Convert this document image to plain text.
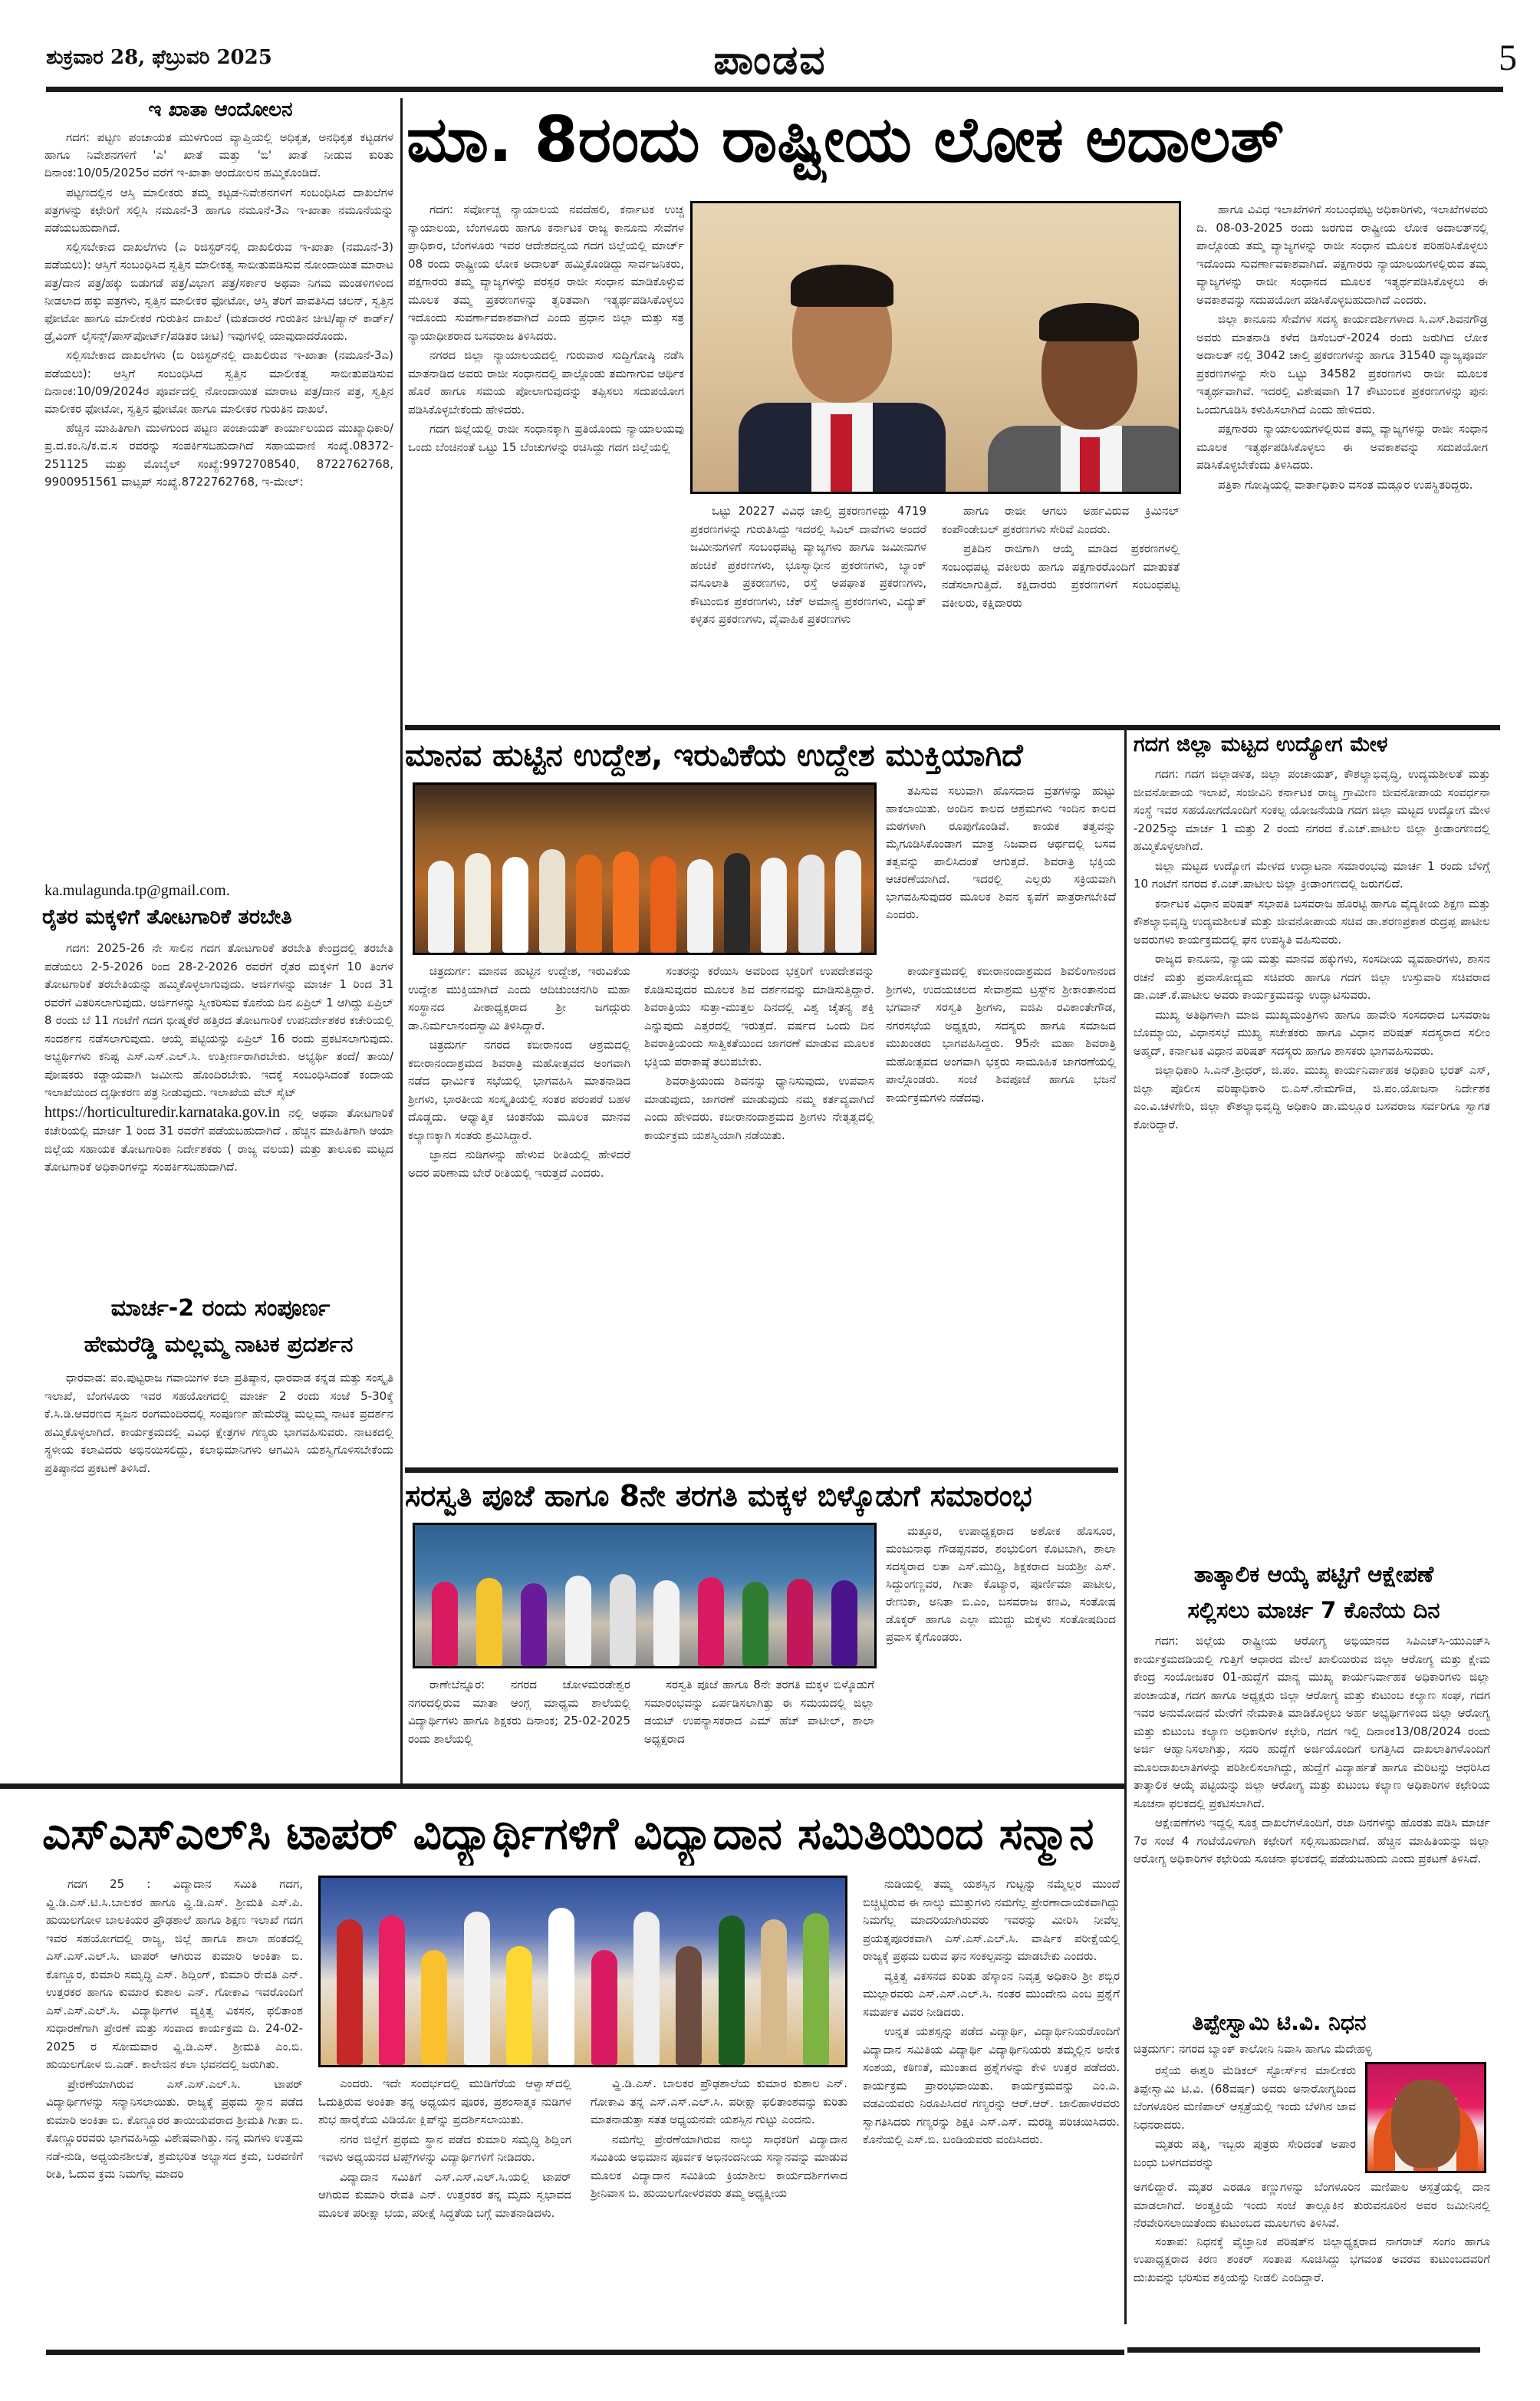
ಶುಕ್ರವಾರ 28, ಫೆಬ್ರುವರಿ 2025	ಪಾಂಡವ	5
ಇ ಖಾತಾ ಆಂದೋಲನ

ಗದಗ: ಪಟ್ಟಣ ಪಂಚಾಯತ ಮುಳಗುಂದ ವ್ಯಾಪ್ತಿಯಲ್ಲಿ ಅಧಿಕೃತ, ಅನಧಿಕೃತ ಕಟ್ಟಡಗಳ ಹಾಗೂ ನಿವೇಶನಗಳಿಗೆ 'ಎ' ಖಾತೆ ಮತ್ತು 'ಬಿ' ಖಾತೆ ನೀಡುವ ಕುರಿತು ದಿನಾಂಕ:10/05/2025ರ ವರೆಗೆ ಇ-ಖಾತಾ ಆಂದೋಲನ ಹಮ್ಮಿಕೊಂಡಿದೆ.

ಪಟ್ಟಣದಲ್ಲಿನ ಆಸ್ತಿ ಮಾಲೀಕರು ತಮ್ಮ ಕಟ್ಟಡ-ನಿವೇಶನಗಳಿಗೆ ಸಂಬಂಧಿಸಿದ ದಾಖಲೆಗಳ ಪತ್ರಗಳನ್ನು ಕಛೇರಿಗೆ ಸಲ್ಲಿಸಿ ನಮೂನೆ-3 ಹಾಗೂ ನಮೂನೆ-3ಎ ಇ-ಖಾತಾ ನಮೂನೆಯನ್ನು ಪಡೆಯಬಹುದಾಗಿದೆ.

ಸಲ್ಲಿಸಬೇಕಾದ ದಾಖಲೆಗಳು (ಎ ರಿಜಿಸ್ಟರ್‌ನಲ್ಲಿ ದಾಖಲಿರುವ ಇ-ಖಾತಾ (ನಮೂನೆ-3) ಪಡೆಯಲು): ಆಸ್ತಿಗೆ ಸಂಬಂಧಿಸಿದ ಸ್ವತ್ತಿನ ಮಾಲೀಕತ್ವ ಸಾಬೀತುಪಡಿಸುವ ನೋಂದಾಯಿತ ಮಾರಾಟ ಪತ್ರ/ದಾನ ಪತ್ರ/ಹಕ್ಕು ಬಿಡುಗಡೆ ಪತ್ರ/ವಿಭಾಗ ಪತ್ರ/ಸರ್ಕಾರ ಅಥವಾ ನಿಗಮ ಮಂಡಳಿಗಳಿಂದ ನೀಡಲಾದ ಹಕ್ಕು ಪತ್ರಗಳು, ಸ್ವತ್ತಿನ ಮಾಲೀಕರ ಫೋಟೋ, ಆಸ್ತಿ ತೆರಿಗೆ ಪಾವತಿಸಿದ ಚಲನ್, ಸ್ವತ್ತಿನ ಫೋಟೋ ಹಾಗೂ ಮಾಲೀಕರ ಗುರುತಿನ ದಾಖಲೆ (ಮತದಾರರ ಗುರುತಿನ ಚೀಟಿ/ಪ್ಯಾನ್ ಕಾರ್ಡ್/ಡ್ರೈವಿಂಗ್ ಲೈಸನ್ಸ್/ಪಾಸ್‌ಪೋರ್ಟ್/ಪಡಿತರ ಚೀಟಿ) ಇವುಗಳಲ್ಲಿ ಯಾವುದಾದರೊಂದು.

ಸಲ್ಲಿಸಬೇಕಾದ ದಾಖಲೆಗಳು (ಬಿ ರಿಜಿಸ್ಟರ್‌ನಲ್ಲಿ ದಾಖಲಿರುವ ಇ-ಖಾತಾ (ನಮೂನೆ-3ಎ) ಪಡೆಯಲು): ಆಸ್ತಿಗೆ ಸಂಬಂಧಿಸಿದ ಸ್ವತ್ತಿನ ಮಾಲೀಕತ್ವ ಸಾಬೀತುಪಡಿಸುವ ದಿನಾಂಕ:10/09/2024ರ ಪೂರ್ವದಲ್ಲಿ ನೋಂದಾಯಿತ ಮಾರಾಟ ಪತ್ರ/ದಾನ ಪತ್ರ, ಸ್ವತ್ತಿನ ಮಾಲೀಕರ ಫೋಟೋ, ಸ್ವತ್ತಿನ ಫೋಟೋ ಹಾಗೂ ಮಾಲೀಕರ ಗುರುತಿನ ದಾಖಲೆ.

ಹೆಚ್ಚಿನ ಮಾಹಿತಿಗಾಗಿ ಮುಳಗುಂದ ಪಟ್ಟಣ ಪಂಚಾಯತ್ ಕಾರ್ಯಾಲಯದ ಮುಖ್ಯಾಧಿಕಾರಿ/ಪ್ರ.ದ.ಕಂ.ನಿ/ಕ.ವ.ಸ ರವರನ್ನು ಸಂಪರ್ಕಿಸಬಹುದಾಗಿದೆ ಸಹಾಯವಾಣಿ ಸಂಖ್ಯೆ.08372-251125 ಮತ್ತು ಮೊಬೈಲ್ ಸಂಖ್ಯೆ:9972708540, 8722762768, 9900951561 ವಾಟ್ಸಪ್ ಸಂಖ್ಯೆ.8722762768, ಇ-ಮೇಲ್:

ka.mulagunda.tp@gmail.com.
ರೈತರ ಮಕ್ಕಳಿಗೆ ತೋಟಗಾರಿಕೆ ತರಬೇತಿ

ಗದಗ: 2025-26 ನೇ ಸಾಲಿನ ಗದಗ ತೋಟಗಾರಿಕೆ ತರಬೇತಿ ಕೇಂದ್ರದಲ್ಲಿ ತರಬೇತಿ ಪಡೆಯಲು 2-5-2026 ರಿಂದ 28-2-2026 ರವರೆಗೆ ರೈತರ ಮಕ್ಕಳಿಗೆ 10 ತಿಂಗಳ ತೋಟಗಾರಿಕೆ ತರಬೇತಿಯನ್ನು ಹಮ್ಮಿಕೊಳ್ಳಲಾಗುವುದು. ಅರ್ಜಿಗಳನ್ನು ಮಾರ್ಚ 1 ರಿಂದ 31 ರವರೆಗೆ ವಿತರಿಸಲಾಗುವುದು. ಅರ್ಜಿಗಳನ್ನು ಸ್ವೀಕರಿಸುವ ಕೊನೆಯ ದಿನ ಏಪ್ರಿಲ್ 1 ಆಗಿದ್ದು ಏಪ್ರಿಲ್ 8 ರಂದು ಬೆ 11 ಗಂಟೆಗೆ ಗದಗ ಭೀಷ್ಮಕೆರೆ ಹತ್ತಿರದ ತೋಟಗಾರಿಕೆ ಉಪನಿರ್ದೇಶಕರ ಕಚೇರಿಯಲ್ಲಿ ಸಂದರ್ಶನ ನಡೆಸಲಾಗುವುದು. ಆಯ್ಕೆ ಪಟ್ಟಿಯನ್ನು ಏಪ್ರಿಲ್ 16 ರಂದು ಪ್ರಕಟಿಸಲಾಗುವುದು. ಅಭ್ಯರ್ಥಿಗಳು ಕನಿಷ್ಟ ಎಸ್.ಎಸ್.ಎಲ್.ಸಿ. ಉತ್ತೀರ್ಣರಾಗಿರಬೇಕು. ಅಭ್ಯರ್ಥಿ ತಂದೆ/ ತಾಯಿ/ ಪೋಷಕರು ಕಡ್ಡಾಯವಾಗಿ ಜಮೀನು ಹೊಂದಿರಬೇಕು. ಇದಕ್ಕೆ ಸಂಬಂಧಿಸಿದಂತೆ ಕಂದಾಯ ಇಲಾಖೆಯಿಂದ ದೃಢೀಕರಣ ಪತ್ರ ನೀಡುವುದು. ಇಲಾಖೆಯ ವೆಬ್ ಸೈಟ್

https://horticulturedir.karnataka.gov.in ನಲ್ಲಿ ಅಥವಾ ತೋಟಗಾರಿಕೆ ಕಚೇರಿಯಲ್ಲಿ ಮಾರ್ಚ 1 ರಿಂದ 31 ರವರೆಗೆ ಪಡೆಯಬಹುದಾಗಿದೆ . ಹೆಚ್ಚಿನ ಮಾಹಿತಿಗಾಗಿ ಆಯಾ ಜಿಲ್ಲೆಯ ಸಹಾಯಕ ತೋಟಗಾರಿಕಾ ನಿರ್ದೇಶಕರು ( ರಾಜ್ಯ ವಲಯ) ಮತ್ತು ತಾಲೂಕು ಮಟ್ಟದ ತೋಟಗಾರಿಕೆ ಅಧಿಕಾರಿಗಳನ್ನು ಸಂಪರ್ಕಿಸಬಹುದಾಗಿದೆ.
ಮಾರ್ಚ-2 ರಂದು ಸಂಪೂರ್ಣ
ಹೇಮರೆಡ್ಡಿ ಮಲ್ಲಮ್ಮ ನಾಟಕ ಪ್ರದರ್ಶನ

ಧಾರವಾಡ: ಪಂ.ಪುಟ್ಟರಾಜ ಗವಾಯಿಗಳ ಕಲಾ ಪ್ರತಿಷ್ಠಾನ, ಧಾರವಾಡ ಕನ್ನಡ ಮತ್ತು ಸಂಸ್ಕೃತಿ ಇಲಾಖೆ, ಬೆಂಗಳೂರು ಇವರ ಸಹಯೋಗದಲ್ಲಿ ಮಾರ್ಚ 2 ರಂದು ಸಂಜೆ 5-30ಕ್ಕೆ ಕೆ.ಸಿ.ಡಿ.ಆವರಣದ ಸೃಜನ ರಂಗಮಂದಿರದಲ್ಲಿ ಸಂಪೂರ್ಣ ಹೇಮರೆಡ್ಡಿ ಮಲ್ಲಮ್ಮ ನಾಟಕ ಪ್ರದರ್ಶನ ಹಮ್ಮಿಕೊಳ್ಳಲಾಗಿದೆ. ಕಾರ್ಯಕ್ರಮದಲ್ಲಿ ವಿವಿಧ ಕ್ಷೇತ್ರಗಳ ಗಣ್ಯರು ಭಾಗವಹಿಸುವರು. ನಾಟಕದಲ್ಲಿ ಸ್ಥಳೀಯ ಕಲಾವಿದರು ಅಭಿನಯಿಸಲಿದ್ದು, ಕಲಾಭಿಮಾನಿಗಳು ಆಗಮಿಸಿ ಯಶಸ್ವಿಗೊಳಿಸಬೇಕೆಂದು ಪ್ರತಿಷ್ಠಾನದ ಪ್ರಕಟಣೆ ತಿಳಿಸಿದೆ.

ಮಾ. 8ರಂದು ರಾಷ್ಟ್ರೀಯ ಲೋಕ ಅದಾಲತ್

ಗದಗ: ಸರ್ವೋಚ್ಚ ನ್ಯಾಯಾಲಯ ನವದೆಹಲಿ, ಕರ್ನಾಟಕ ಉಚ್ಚ ನ್ಯಾಯಾಲಯ, ಬೆಂಗಳೂರು ಹಾಗೂ ಕರ್ನಾಟಕ ರಾಜ್ಯ ಕಾನೂನು ಸೇವೆಗಳ ಪ್ರಾಧಿಕಾರ, ಬೆಂಗಳೂರು ಇವರ ಆದೇಶದನ್ವಯ ಗದಗ ಜಿಲ್ಲೆಯಲ್ಲಿ ಮಾರ್ಚ್ 08 ರಂದು ರಾಷ್ಟ್ರೀಯ ಲೋಕ ಅದಾಲತ್ ಹಮ್ಮಿಕೊಂಡಿದ್ದು ಸಾರ್ವಜನಿಕರು, ಪಕ್ಷಗಾರರು ತಮ್ಮ ವ್ಯಾಜ್ಯಗಳನ್ನು ಪರಸ್ಪರ ರಾಜೀ ಸಂಧಾನ ಮಾಡಿಕೊಳ್ಳುವ ಮೂಲಕ ತಮ್ಮ ಪ್ರಕರಣಗಳನ್ನು ತ್ವರಿತವಾಗಿ ಇತ್ಯರ್ಥಪಡಿಸಿಕೊಳ್ಳಲು ಇದೊಂದು ಸುವರ್ಣಾವಕಾಶವಾಗಿದೆ ಎಂದು ಪ್ರಧಾನ ಜಿಲ್ಲಾ ಮತ್ತು ಸತ್ರ ನ್ಯಾಯಾಧೀಶರಾದ ಬಸವರಾಜ ತಿಳಿಸಿದರು.

ನಗರದ ಜಿಲ್ಲಾ ನ್ಯಾಯಾಲಯದಲ್ಲಿ ಗುರುವಾರ ಸುದ್ದಿಗೋಷ್ಠಿ ನಡೆಸಿ ಮಾತನಾಡಿದ ಅವರು ರಾಜೀ ಸಂಧಾನದಲ್ಲಿ ಪಾಲ್ಗೊಂಡು ತಮಗಾಗುವ ಆರ್ಥಿಕ ಹೊರೆ ಹಾಗೂ ಸಮಯ ಪೋಲಾಗುವುದನ್ನು ತಪ್ಪಿಸಲು ಸದುಪಯೋಗ ಪಡಿಸಿಕೊಳ್ಳಬೇಕೆಂದು ಹೇಳಿದರು.

ಗದಗ ಜಿಲ್ಲೆಯಲ್ಲಿ ರಾಜೀ ಸಂಧಾನಕ್ಕಾಗಿ ಪ್ರತಿಯೊಂದು ನ್ಯಾಯಾಲಯವು ಒಂದು ಬೆಂಚಿನಂತೆ ಒಟ್ಟು 15 ಬೆಂಚುಗಳನ್ನು ರಚಿಸಿದ್ದು ಗದಗ ಜಿಲ್ಲೆಯಲ್ಲಿ

ಒಟ್ಟು 20227 ವಿವಿಧ ಚಾಲ್ತಿ ಪ್ರಕರಣಗಳಿದ್ದು 4719 ಪ್ರಕರಣಗಳನ್ನು ಗುರುತಿಸಿದ್ದು ಇದರಲ್ಲಿ ಸಿವಿಲ್ ದಾವೆಗಳು ಅಂದರೆ ಜಮೀನುಗಳಿಗೆ ಸಂಬಂಧಪಟ್ಟ ವ್ಯಾಜ್ಯಗಳು ಹಾಗೂ ಜಮೀನುಗಳ ಹಂಚಿಕೆ ಪ್ರಕರಣಗಳು, ಭೂಸ್ವಾಧೀನ ಪ್ರಕರಣಗಳು, ಬ್ಯಾಂಕ್ ವಸೂಲಾತಿ ಪ್ರಕರಣಗಳು, ರಸ್ತೆ ಅಪಘಾತ ಪ್ರಕರಣಗಳು, ಕೌಟುಂಬಿಕ ಪ್ರಕರಣಗಳು, ಚೆಕ್ ಅಮಾನ್ಯ ಪ್ರಕರಣಗಳು, ವಿದ್ಯುತ್ ಕಳ್ಳತನ ಪ್ರಕರಣಗಳು, ವೈವಾಹಿಕ ಪ್ರಕರಣಗಳು

ಹಾಗೂ ರಾಜೀ ಆಗಲು ಅರ್ಹವಿರುವ ಕ್ರಿಮಿನಲ್ ಕಂಪೌಂಡೇಬಲ್ ಪ್ರಕರಣಗಳು ಸೇರಿವೆ ಎಂದರು.

ಪ್ರತಿದಿನ ರಾಜಿಗಾಗಿ ಆಯ್ಕೆ ಮಾಡಿದ ಪ್ರಕರಣಗಳಲ್ಲಿ ಸಂಬಂಧಪಟ್ಟ ವಕೀಲರು ಹಾಗೂ ಪಕ್ಷಗಾರರೊಂದಿಗೆ ಮಾತುಕತೆ ನಡೆಸಲಾಗುತ್ತಿದೆ. ಕಕ್ಷಿದಾರರು ಪ್ರಕರಣಗಳಿಗೆ ಸಂಬಂಧಪಟ್ಟ ವಕೀಲರು, ಕಕ್ಷಿದಾರರು

ಹಾಗೂ ವಿವಿಧ ಇಲಾಖೆಗಳಿಗೆ ಸಂಬಂಧಪಟ್ಟ ಅಧಿಕಾರಿಗಳು, ಇಲಾಖೆಗಳವರು ದಿ. 08-03-2025 ರಂದು ಜರಗುವ ರಾಷ್ಟ್ರೀಯ ಲೋಕ ಅದಾಲತ್‌ನಲ್ಲಿ ಪಾಲ್ಗೊಂಡು ತಮ್ಮ ವ್ಯಾಜ್ಯಗಳನ್ನು ರಾಜೀ ಸಂಧಾನ ಮೂಲಕ ಪರಿಹರಿಸಿಕೊಳ್ಳಲು ಇದೊಂದು ಸುವರ್ಣಾವಕಾಶವಾಗಿದೆ. ಪಕ್ಷಗಾರರು ನ್ಯಾಯಾಲಯಗಳಲ್ಲಿರುವ ತಮ್ಮ ವ್ಯಾಜ್ಯಗಳನ್ನು ರಾಜೀ ಸಂಧಾನದ ಮೂಲಕ ಇತ್ಯರ್ಥಪಡಿಸಿಕೊಳ್ಳಲು ಈ ಅವಕಾಶವನ್ನು ಸದುಪಯೋಗ ಪಡಿಸಿಕೊಳ್ಳಬಹುದಾಗಿದೆ ಎಂದರು.

ಜಿಲ್ಲಾ ಕಾನೂನು ಸೇವೆಗಳ ಸದಸ್ಯ ಕಾರ್ಯದರ್ಶಿಗಳಾದ ಸಿ.ಎಸ್.ಶಿವನಗೌಡ್ರ ಅವರು ಮಾತನಾಡಿ ಕಳೆದ ಡಿಸೆಂಬರ್-2024 ರಂದು ಜರುಗಿದ ಲೋಕ ಅದಾಲತ್ ನಲ್ಲಿ 3042 ಚಾಲ್ತಿ ಪ್ರಕರಣಗಳನ್ನು ಹಾಗೂ 31540 ವ್ಯಾಜ್ಯಪೂರ್ವ ಪ್ರಕರಣಗಳನ್ನು ಸೇರಿ ಒಟ್ಟು 34582 ಪ್ರಕರಣಗಳು ರಾಜೀ ಮೂಲಕ ಇತ್ಯರ್ಥವಾಗಿವೆ. ಇದರಲ್ಲಿ ವಿಶೇಷವಾಗಿ 17 ಕೌಟುಂಬಿಕ ಪ್ರಕರಣಗಳನ್ನು ಪುನಃ ಒಂದುಗೂಡಿಸಿ ಕಳುಹಿಸಲಾಗಿದೆ ಎಂದು ಹೇಳಿದರು.

ಪಕ್ಷಗಾರರು ನ್ಯಾಯಾಲಯಗಳಲ್ಲಿರುವ ತಮ್ಮ ವ್ಯಾಜ್ಯಗಳನ್ನು ರಾಜೀ ಸಂಧಾನ ಮೂಲಕ ಇತ್ಯರ್ಥಪಡಿಸಿಕೊಳ್ಳಲು ಈ ಅವಕಾಶವನ್ನು ಸದುಪಯೋಗ ಪಡಿಸಿಕೊಳ್ಳಬೇಕೆಂದು ತಿಳಿಸಿದರು.

ಪತ್ರಿಕಾ ಗೋಷ್ಠಿಯಲ್ಲಿ ವಾರ್ತಾಧಿಕಾರಿ ವಸಂತ ಮಡ್ಲೂರ ಉಪಸ್ಥಿತರಿದ್ದರು.

ಮಾನವ ಹುಟ್ಟಿನ ಉದ್ದೇಶ, ಇರುವಿಕೆಯ ಉದ್ದೇಶ ಮುಕ್ತಿಯಾಗಿದೆ

ತಪಿಸುವ ಸಲುವಾಗಿ ಹೊಸದಾದ ವ್ರತಗಳನ್ನು ಹುಟ್ಟು ಹಾಕಲಾಯಿತು. ಅಂದಿನ ಕಾಲದ ಆಶ್ರಮಗಳು ಇಂದಿನ ಕಾಲದ ಮಠಗಳಾಗಿ ರೂಪುಗೊಂಡಿವೆ. ಕಾಯಕ ತತ್ವವನ್ನು ಮೈಗೂಡಿಸಿಕೊಂಡಾಗ ಮಾತ್ರ ನಿಜವಾದ ಆರ್ಥದಲ್ಲಿ ಬಸವ ತತ್ವವನ್ನು ಪಾಲಿಸಿದಂತೆ ಆಗುತ್ತದೆ. ಶಿವರಾತ್ರಿ ಭಕ್ತಿಯ ಆಚರಣೆಯಾಗಿದೆ. ಇದರಲ್ಲಿ ಎಲ್ಲರು ಸಕ್ರಿಯವಾಗಿ ಭಾಗವಹಿಸುವುದರ ಮೂಲಕ ಶಿವನ ಕೃಪೆಗೆ ಪಾತ್ರರಾಗಬೇಕಿದೆ ಎಂದರು.

ಚಿತ್ರದುರ್ಗ: ಮಾನವ ಹುಟ್ಟಿನ ಉದ್ದೇಶ, ಇರುವಿಕೆಯ ಉದ್ದೇಶ ಮುಕ್ತಿಯಾಗಿದೆ ಎಂದು ಆದಿಚುಂಚನಗಿರಿ ಮಹಾ ಸಂಸ್ಥಾನದ ಪೀಠಾಧ್ಯಕ್ಷರಾದ ಶ್ರೀ ಜಗದ್ಗುರು ಡಾ.ನಿರ್ಮಲಾನಂದಸ್ವಾಮಿ ತಿಳಿಸಿದ್ದಾರೆ.

ಚಿತ್ರದುರ್ಗ ನಗರದ ಕಬೀರಾನಂದ ಆಶ್ರಮದಲ್ಲಿ ಕಬೀರಾನಂದಾಶ್ರಮದ ಶಿವರಾತ್ರಿ ಮಹೋತ್ಸವದ ಅಂಗವಾಗಿ ನಡೆದ ಧಾರ್ಮಿಕ ಸಭೆಯಲ್ಲಿ ಭಾಗವಹಿಸಿ ಮಾತನಾಡಿದ ಶ್ರೀಗಳು, ಭಾರತೀಯ ಸಂಸ್ಕೃತಿಯಲ್ಲಿ ಸಂತರ ಪರಂಪರೆ ಬಹಳ ದೊಡ್ಡದು. ಆಧ್ಯಾತ್ಮಿಕ ಚಿಂತನೆಯ ಮೂಲಕ ಮಾನವ ಕಲ್ಯಾಣಕ್ಕಾಗಿ ಸಂತರು ಶ್ರಮಿಸಿದ್ದಾರೆ.

ಜ್ಞಾನದ ನುಡಿಗಳನ್ನು ಹೇಳುವ ರೀತಿಯಲ್ಲಿ ಹೇಳಿದರೆ ಅದರ ಪರಿಣಾಮ ಬೇರೆ ರೀತಿಯಲ್ಲಿ ಇರುತ್ತದೆ ಎಂದರು.

ಸಂತರನ್ನು ಕರೆಯಿಸಿ ಅವರಿಂದ ಭಕ್ತರಿಗೆ ಉಪದೇಶವನ್ನು ಕೊಡಿಸುವುದರ ಮೂಲಕ ಶಿವ ದರ್ಶನವನ್ನು ಮಾಡಿಸುತ್ತಿದ್ದಾರೆ. ಶಿವರಾತ್ರಿಯು ಸುತ್ತಾ-ಮುತ್ತಲ ದಿನದಲ್ಲಿ ವಿಶ್ವ ಚೈತನ್ಯ ಶಕ್ತಿ ಎನ್ನುವುದು ಎತ್ತರದಲ್ಲಿ ಇರುತ್ತದೆ. ವರ್ಷದ ಒಂದು ದಿನ ಶಿವರಾತ್ರಿಯಂದು ಸಾತ್ವಿಕತೆಯಿಂದ ಜಾಗರಣೆ ಮಾಡುವ ಮೂಲಕ ಭಕ್ತಿಯ ಪರಾಕಾಷ್ಠೆ ತಲುಪಬೇಕು.

ಶಿವರಾತ್ರಿಯಂದು ಶಿವನನ್ನು ಧ್ಯಾನಿಸುವುದು, ಉಪವಾಸ ಮಾಡುವುದು, ಜಾಗರಣೆ ಮಾಡುವುದು ನಮ್ಮ ಕರ್ತವ್ಯವಾಗಿದೆ ಎಂದು ಹೇಳಿದರು. ಕಬೀರಾನಂದಾಶ್ರಮದ ಶ್ರೀಗಳು ನೇತೃತ್ವದಲ್ಲಿ ಕಾರ್ಯಕ್ರಮ ಯಶಸ್ವಿಯಾಗಿ ನಡೆಯಿತು.

ಕಾರ್ಯಕ್ರಮದಲ್ಲಿ ಕಬೀರಾನಂದಾಶ್ರಮದ ಶಿವಲಿಂಗಾನಂದ ಶ್ರೀಗಳು, ಉದಯಚಲದ ಸೇವಾಶ್ರಮ ಟ್ರಸ್ಟ್‌ನ ಶ್ರೀಕಾಂತಾನಂದ ಭಗವಾನ್ ಸರಸ್ವತಿ ಶ್ರೀಗಳು, ಐಜಿಪಿ ರವಿಕಾಂತೇಗೌಡ, ನಗರಸಭೆಯ ಅಧ್ಯಕ್ಷರು, ಸದಸ್ಯರು ಹಾಗೂ ಸಮಾಜದ ಮುಖಂಡರು ಭಾಗವಹಿಸಿದ್ದರು. 95ನೇ ಮಹಾ ಶಿವರಾತ್ರಿ ಮಹೋತ್ಸವದ ಅಂಗವಾಗಿ ಭಕ್ತರು ಸಾಮೂಹಿಕ ಜಾಗರಣೆಯಲ್ಲಿ ಪಾಲ್ಗೊಂಡರು. ಸಂಜೆ ಶಿವಪೂಜೆ ಹಾಗೂ ಭಜನೆ ಕಾರ್ಯಕ್ರಮಗಳು ನಡೆದವು.

ಸರಸ್ವತಿ ಪೂಜೆ ಹಾಗೂ 8ನೇ ತರಗತಿ ಮಕ್ಕಳ ಬಿಳ್ಕೊಡುಗೆ ಸಮಾರಂಭ

ಮತ್ತೂರ, ಉಪಾಧ್ಯಕ್ಷರಾದ ಅಶೋಕ ಹೊಸೂರ, ಮಂಜುನಾಥ ಗೌಡಪ್ಪನವರ, ಶಂಭುಲಿಂಗ ಕೊಟಬಾಗಿ, ಶಾಲಾ ಸದಸ್ಯರಾದ ಲತಾ ಎಸ್.ಮುದ್ದಿ, ಶಿಕ್ಷಕರಾದ ಜಯಶ್ರೀ ಎಸ್. ಸಿದ್ದುಂಗಣ್ಣವರ, ಗೀತಾ ಕೊಟ್ಯಾರ, ಪೂರ್ಣಿಮಾ ಪಾಟೀಲ, ರೇಣುಕಾ, ಅನಿತಾ ಬಿ.ಎಂ, ಬಸವರಾಜ ಕಣವಿ, ಸಂತೋಷ ಡೊಕ್ಕರ್ ಹಾಗೂ ಎಲ್ಲಾ ಮುದ್ದು ಮಕ್ಕಳು ಸಂತೋಷದಿಂದ ಪ್ರವಾಸ ಕೈಗೊಂಡರು.

ರಾಣೇಬೆನ್ನೂರ: ನಗರದ ಚೋಳಮರಡೇಶ್ವರ ನಗರದಲ್ಲಿರುವ ಮಾತಾ ಆಂಗ್ಲ ಮಾಧ್ಯಮ ಶಾಲೆಯಲ್ಲಿ ವಿದ್ಯಾರ್ಥಿಗಳು ಹಾಗೂ ಶಿಕ್ಷಕರು ದಿನಾಂಕ; 25-02-2025 ರಂದು ಶಾಲೆಯಲ್ಲಿ

ಸರಸ್ವತಿ ಪೂಜೆ ಹಾಗೂ 8ನೇ ತರಗತಿ ಮಕ್ಕಳ ಬಿಳ್ಕೊಡುಗೆ ಸಮಾರಂಭವನ್ನು ಏರ್ಪಡಿಸಲಾಗಿತ್ತು ಈ ಸಮಯದಲ್ಲಿ ಜಿಲ್ಲಾ ಡಯಟ್ ಉಪನ್ಯಾಸಕರಾದ ಎಮ್ ಹೆಚ್ ಪಾಟೀಲ್, ಶಾಲಾ ಅಧ್ಯಕ್ಷರಾದ

ಗದಗ ಜಿಲ್ಲಾ ಮಟ್ಟದ ಉದ್ಯೋಗ ಮೇಳ

ಗದಗ: ಗದಗ ಜಿಲ್ಲಾಡಳಿತ, ಜಿಲ್ಲಾ ಪಂಚಾಯತ್, ಕೌಶಲ್ಯಾಭಿವೃದ್ಧಿ, ಉದ್ಯಮಶೀಲತೆ ಮತ್ತು ಜೀವನೋಪಾಯ ಇಲಾಖೆ, ಸಂಜೀವಿನಿ ಕರ್ನಾಟಕ ರಾಜ್ಯ ಗ್ರಾಮೀಣ ಜೀವನೋಪಾಯ ಸಂವರ್ಧನಾ ಸಂಸ್ಥೆ ಇವರ ಸಹಯೋಗದೊಂದಿಗೆ ಸಂಕಲ್ಪ ಯೋಜನೆಯಡಿ ಗದಗ ಜಿಲ್ಲಾ ಮಟ್ಟದ ಉದ್ಯೋಗ ಮೇಳ -2025ನ್ನು ಮಾರ್ಚ 1 ಮತ್ತು 2 ರಂದು ನಗರದ ಕೆ.ಎಚ್.ಪಾಟೀಲ ಜಿಲ್ಲಾ ಕ್ರೀಡಾಂಗಣದಲ್ಲಿ ಹಮ್ಮಿಕೊಳ್ಳಲಾಗಿದೆ.

ಜಿಲ್ಲಾ ಮಟ್ಟದ ಉದ್ಯೋಗ ಮೇಳದ ಉದ್ಘಾಟನಾ ಸಮಾರಂಭವು ಮಾರ್ಚ 1 ರಂದು ಬೆಳಿಗ್ಗೆ 10 ಗಂಟೆಗೆ ನಗರದ ಕೆ.ಎಚ್.ಪಾಟೀಲ ಜಿಲ್ಲಾ ಕ್ರೀಡಾಂಗಣದಲ್ಲಿ ಜರುಗಲಿದೆ.

ಕರ್ನಾಟಕ ವಿಧಾನ ಪರಿಷತ್ ಸಭಾಪತಿ ಬಸವರಾಜ ಹೊರಟ್ಟಿ ಹಾಗೂ ವೈದ್ಯಕೀಯ ಶಿಕ್ಷಣ ಮತ್ತು ಕೌಶಲ್ಯಾಭಿವೃದ್ಧಿ ಉದ್ಯಮಶೀಲತೆ ಮತ್ತು ಜೀವನೋಪಾಯ ಸಚಿವ ಡಾ.ಶರಣಪ್ರಕಾಶ ರುದ್ರಪ್ಪ ಪಾಟೀಲ ಅವರುಗಳು ಕಾರ್ಯಕ್ರಮದಲ್ಲಿ ಘನ ಉಪಸ್ಥಿತಿ ವಹಿಸುವರು.

ರಾಜ್ಯದ ಕಾನೂನು, ನ್ಯಾಯ ಮತ್ತು ಮಾನವ ಹಕ್ಕುಗಳು, ಸಂಸದೀಯ ವ್ಯವಹಾರಗಳು, ಶಾಸನ ರಚನೆ ಮತ್ತು ಪ್ರವಾಸೋದ್ಯಮ ಸಚಿವರು ಹಾಗೂ ಗದಗ ಜಿಲ್ಲಾ ಉಸ್ತುವಾರಿ ಸಚಿವರಾದ ಡಾ.ಎಚ್.ಕೆ.ಪಾಟೀಲ ಅವರು ಕಾರ್ಯಕ್ರಮವನ್ನು ಉದ್ಘಾಟಿಸುವರು.

ಮುಖ್ಯ ಅತಿಥಿಗಳಾಗಿ ಮಾಜಿ ಮುಖ್ಯಮಂತ್ರಿಗಳು ಹಾಗೂ ಹಾವೇರಿ ಸಂಸದರಾದ ಬಸವರಾಜ ಬೊಮ್ಮಾಯಿ, ವಿಧಾನಸಭೆ ಮುಖ್ಯ ಸಚೇತಕರು ಹಾಗೂ ವಿಧಾನ ಪರಿಷತ್ ಸದಸ್ಯರಾದ ಸಲೀಂ ಅಹ್ಮದ್, ಕರ್ನಾಟಕ ವಿಧಾನ ಪರಿಷತ್ ಸದಸ್ಯರು ಹಾಗೂ ಶಾಸಕರು ಭಾಗವಹಿಸುವರು.

ಜಿಲ್ಲಾಧಿಕಾರಿ ಸಿ.ಎನ್.ಶ್ರೀಧರ್, ಜಿ.ಪಂ. ಮುಖ್ಯ ಕಾರ್ಯನಿರ್ವಾಹಕ ಅಧಿಕಾರಿ ಭರತ್ ಎಸ್, ಜಿಲ್ಲಾ ಪೊಲೀಸ ವರಿಷ್ಠಾಧಿಕಾರಿ ಬಿ.ಎಸ್.ನೇಮಗೌಡ, ಜಿ.ಪಂ.ಯೋಜನಾ ನಿರ್ದೇಶಕ ಎಂ.ವಿ.ಚಳಗೇರಿ, ಜಿಲ್ಲಾ ಕೌಶಲ್ಯಾಭಿವೃದ್ಧಿ ಅಧಿಕಾರಿ ಡಾ.ಮಲ್ಲೂರ ಬಸವರಾಜ ಸರ್ವರಿಗೂ ಸ್ವಾಗತ ಕೋರಿದ್ದಾರೆ.

ತಾತ್ಕಾಲಿಕ ಆಯ್ಕೆ ಪಟ್ಟಿಗೆ ಆಕ್ಷೇಪಣೆ
ಸಲ್ಲಿಸಲು ಮಾರ್ಚ 7 ಕೊನೆಯ ದಿನ

ಗದಗ: ಜಿಲ್ಲೆಯ ರಾಷ್ಟ್ರೀಯ ಆರೋಗ್ಯ ಅಭಿಯಾನದ ಸಿಪಿಎಚ್‌ಸಿ-ಯುಎಚ್‌ಸಿ ಕಾರ್ಯಕ್ರಮದಡಿಯಲ್ಲಿ ಗುತ್ತಿಗೆ ಆಧಾರದ ಮೇಲೆ ಖಾಲಿಯಿರುವ ಜಿಲ್ಲಾ ಆರೋಗ್ಯ ಮತ್ತು ಕ್ಷೇಮ ಕೇಂದ್ರ ಸಂಯೋಜಕರ 01-ಹುದ್ದೆಗೆ ಮಾನ್ಯ ಮುಖ್ಯ ಕಾರ್ಯನಿರ್ವಾಹಕ ಅಧಿಕಾರಿಗಳು ಜಿಲ್ಲಾ ಪಂಚಾಯತ, ಗದಗ ಹಾಗೂ ಅಧ್ಯಕ್ಷರು ಜಿಲ್ಲಾ ಆರೋಗ್ಯ ಮತ್ತು ಕುಟುಂಬ ಕಲ್ಯಾಣ ಸಂಘ, ಗದಗ ಇವರ ಅನುಮೋದನೆ ಮೇರೆಗೆ ನೇಮಕಾತಿ ಮಾಡಿಕೊಳ್ಳಲು ಅರ್ಹ ಅಭ್ಯರ್ಥಿಗಳಿಂದ ಜಿಲ್ಲಾ ಆರೋಗ್ಯ ಮತ್ತು ಕುಟುಂಬ ಕಲ್ಯಾಣ ಅಧಿಕಾರಿಗಳ ಕಛೇರಿ, ಗದಗ ಇಲ್ಲಿ ದಿನಾಂಕ13/08/2024 ರಂದು ಅರ್ಜಿ ಆಹ್ವಾನಿಸಲಾಗಿತ್ತು, ಸದರಿ ಹುದ್ದೆಗೆ ಅರ್ಜಿಯೊಂದಿಗೆ ಲಗತ್ತಿಸಿದ ದಾಖಲಾತಿಗಳೊಂದಿಗೆ ಮೂಲದಾಖಲಾತಿಗಳನ್ನು ಪರಿಶೀಲಿಸಲಾಗಿದ್ದು, ಹುದ್ದೆಗೆ ವಿದ್ಯಾರ್ಹತೆ ಹಾಗೂ ಮೆರಿಟನ್ನು ಆಧರಿಸಿದ ತಾತ್ಕಾಲಿಕ ಆಯ್ಕೆ ಪಟ್ಟಿಯನ್ನು ಜಿಲ್ಲಾ ಆರೋಗ್ಯ ಮತ್ತು ಕುಟುಂಬ ಕಲ್ಯಾಣ ಅಧಿಕಾರಿಗಳ ಕಛೇರಿಯ ಸೂಚನಾ ಫಲಕದಲ್ಲಿ ಪ್ರಕಟಿಸಲಾಗಿದೆ.

ಆಕ್ಷೇಪಣೆಗಳು ಇದ್ದಲ್ಲಿ ಸೂಕ್ತ ದಾಖಲೆಗಳೊಂದಿಗೆ, ರಜಾ ದಿನಗಳನ್ನು ಹೊರತು ಪಡಿಸಿ ಮಾರ್ಚ 7ರ ಸಂಜೆ 4 ಗಂಟೆಯೊಳಗಾಗಿ ಕಛೇರಿಗೆ ಸಲ್ಲಿಸಬಹುದಾಗಿದೆ. ಹೆಚ್ಚಿನ ಮಾಹಿತಿಯನ್ನು ಜಿಲ್ಲಾ ಆರೋಗ್ಯ ಅಧಿಕಾರಿಗಳ ಕಛೇರಿಯ ಸೂಚನಾ ಫಲಕದಲ್ಲಿ ಪಡೆಯಬಹುದು ಎಂದು ಪ್ರಕಟಣೆ ತಿಳಿಸಿದೆ.

ತಿಪ್ಪೇಸ್ವಾಮಿ ಟಿ.ವಿ. ನಿಧನ
ಚಿತ್ರದುರ್ಗ: ನಗರದ ಬ್ಯಾಂಕ್ ಕಾಲೋನಿ ನಿವಾಸಿ ಹಾಗೂ ಮೆದೇಹಳ್ಳಿ

ರಸ್ತೆಯ ಈಶ್ವರಿ ಮೆಡಿಕಲ್ ಸ್ಟೋರ್ಸ್‌ನ ಮಾಲೀಕರು ತಿಪ್ಪೇಸ್ವಾಮಿ ಟಿ.ವಿ. (68ವರ್ಷ) ಅವರು ಅನಾರೋಗ್ಯದಿಂದ ಬೆಂಗಳೂರಿನ ಮಣಿಪಾಲ್ ಆಸ್ಪತ್ರೆಯಲ್ಲಿ ಇಂದು ಬೆಳಗಿನ ಜಾವ ನಿಧನರಾದರು.

ಮೃತರು ಪತ್ನಿ, ಇಬ್ಬರು ಪುತ್ರರು ಸೇರಿದಂತೆ ಅಪಾರ ಬಂಧು ಬಳಗದವರನ್ನು

ಅಗಲಿದ್ದಾರೆ. ಮೃತರ ಎರಡೂ ಕಣ್ಣುಗಳನ್ನು ಬೆಂಗಳೂರಿನ ಮಣಿಪಾಲ ಆಸ್ಪತ್ರೆಯಲ್ಲಿ ದಾನ ಮಾಡಲಾಗಿದೆ. ಅಂತ್ಯಕ್ರಿಯೆ ಇಂದು ಸಂಜೆ ತಾಲ್ಲೂಕಿನ ತುರುವನೂರಿನ ಅವರ ಜಮೀನಿನಲ್ಲಿ ನೆರವೇರಿಸಲಾಯಿತೆಂದು ಕುಟುಂಬದ ಮೂಲಗಳು ತಿಳಿಸಿವೆ.

ಸಂತಾಪ: ನಿಧನಕ್ಕೆ ವೈಜ್ಞಾನಿಕ ಪರಿಷತ್‌ನ ಜಿಲ್ಲಾಧ್ಯಕ್ಷರಾದ ನಾಗರಾಜ್ ಸಂಗಂ ಹಾಗೂ ಉಪಾಧ್ಯಕ್ಷರಾದ ಕಿರಣ ಶಂಕರ್ ಸಂತಾಪ ಸೂಚಿಸಿದ್ದು ಭಗವಂತ ಅವರವ ಕುಟುಂಬದವರಿಗೆ ದುಃಖವನ್ನು ಭರಿಸುವ ಶಕ್ತಿಯನ್ನು ನೀಡಲಿ ಎಂದಿದ್ದಾರೆ.

ಎಸ್‌ಎಸ್‌ಎಲ್‌ಸಿ ಟಾಪರ್ ವಿದ್ಯಾರ್ಥಿಗಳಿಗೆ ವಿದ್ಯಾದಾನ ಸಮಿತಿಯಿಂದ ಸನ್ಮಾನ

ಗದಗ 25 : ವಿದ್ಯಾದಾನ ಸಮಿತಿ ಗದಗ, ವ್ಹಿ.ಡಿ.ಎಸ್.ಟಿ.ಸಿ.ಬಾಲಕರ ಹಾಗೂ ವ್ಹಿ.ಡಿ.ಎಸ್. ಶ್ರೀಮತಿ ಎಸ್.ಪಿ. ಹುಯಿಲಗೋಳ ಬಾಲಕಿಯರ ಪ್ರೌಢಶಾಲೆ ಹಾಗೂ ಶಿಕ್ಷಣ ಇಲಾಖೆ ಗದಗ ಇವರ ಸಹಯೋಗದಲ್ಲಿ ರಾಜ್ಯ, ಜಿಲ್ಲೆ ಹಾಗೂ ಶಾಲಾ ಹಂತದಲ್ಲಿ ಎಸ್.ಎಸ್.ಎಲ್.ಸಿ. ಟಾಪರ್ ಆಗಿರುವ ಕುಮಾರಿ ಅಂಕಿತಾ ಬಿ. ಕೊಣ್ಣೂರ, ಕುಮಾರಿ ಸಮೃದ್ಧಿ ಎಸ್. ಶಿದ್ಲಿಂಗ್, ಕುಮಾರಿ ರೇವತಿ ಎನ್. ಉತ್ತರಕರ ಹಾಗೂ ಕುಮಾರ ಕುಶಾಲ ಎನ್. ಗೋಕಾವಿ ಇವರೊಂದಿಗೆ ಎಸ್.ಎಸ್.ಎಲ್.ಸಿ. ವಿದ್ಯಾರ್ಥಿಗಳ ವ್ಯಕ್ತಿತ್ವ ವಿಕಸನ, ಫಲಿತಾಂಶ ಸುಧಾರಣೆಗಾಗಿ ಪ್ರೇರಣೆ ಮತ್ತು ಸಂವಾದ ಕಾರ್ಯಕ್ರಮ ದಿ. 24-02-2025 ರ ಸೋಮವಾರ ವ್ಹಿ.ಡಿ.ಎಸ್. ಶ್ರೀಮತಿ ಎಂ.ಬಿ. ಹುಯಿಲಗೋಳ ಬಿ.ಎಡ್. ಕಾಲೇಜಿನ ಕಲಾ ಭವನದಲ್ಲಿ ಜರುಗಿತು.

ಪ್ರೇರಣೆಯಾಗಿರುವ ಎಸ್.ಎಸ್.ಎಲ್.ಸಿ. ಟಾಪರ್ ವಿದ್ಯಾರ್ಥಿಗಳನ್ನು ಸನ್ಮಾನಿಸಲಾಯಿತು. ರಾಜ್ಯಕ್ಕೆ ಪ್ರಥಮ ಸ್ಥಾನ ಪಡೆದ ಕುಮಾರಿ ಅಂಕಿತಾ ಬಿ. ಕೊಣ್ಣೂರರ ತಾಯಿಯವರಾದ ಶ್ರೀಮತಿ ಗೀತಾ ಬಿ. ಕೊಣ್ಣೂರರವರು ಭಾಗವಹಿಸಿದ್ದು ವಿಶೇಷವಾಗಿತ್ತು. ನನ್ನ ಮಗಳು ಉತ್ತಮ ನಡೆ-ನುಡಿ, ಅಧ್ಯಯನಶೀಲತೆ, ಶ್ರಮಭರಿತ ಅಭ್ಯಾಸದ ಕ್ರಮ, ಬರವಣಿಗೆ ರೀತಿ, ಓದುವ ಕ್ರಮ ನಿಮಗೆಲ್ಲ ಮಾದರಿ

ಎಂದರು. ಇದೇ ಸಂದರ್ಭದಲ್ಲಿ ಮುಡಿಗೆರೆಯ ಆಳ್ವಾಸ್‌ದಲ್ಲಿ ಓದುತ್ತಿರುವ ಅಂಕಿತಾ ತನ್ನ ಅಧ್ಯಯನ ಪೂರಕ, ಪ್ರಶಂಸಾತ್ಮಕ ನುಡಿಗಳ ಶುಭ ಹಾರೈಕೆಯ ವಿಡಿಯೋ ಕ್ಲಿಪ್‌ನ್ನು ಪ್ರದರ್ಶಿಸಲಾಯಿತು.

ನಗರ ಜಿಲ್ಲೆಗೆ ಪ್ರಥಮ ಸ್ಥಾನ ಪಡೆದ ಕುಮಾರಿ ಸಮೃದ್ಧಿ ಶಿದ್ಲಿಂಗ ಇವಳು ಅಧ್ಯಯನದ ಟಿಪ್ಸ್‌ಗಳನ್ನು ವಿದ್ಯಾರ್ಥಿಗಳಿಗೆ ನೀಡಿದರು.

ವಿದ್ಯಾದಾನ ಸಮಿತಿಗೆ ಎಸ್.ಎಸ್.ಎಲ್.ಸಿ.ಯಲ್ಲಿ ಟಾಪರ್ ಆಗಿರುವ ಕುಮಾರಿ ರೇವತಿ ಎನ್. ಉತ್ತರಕರ ತನ್ನ ಮೃದು ಸ್ವಭಾವದ ಮೂಲಕ ಪರೀಕ್ಷಾ ಭಯ, ಪರೀಕ್ಷೆ ಸಿದ್ಧತೆಯ ಬಗ್ಗೆ ಮಾತನಾಡಿದಳು.

ವ್ಹಿ.ಡಿ.ಎಸ್. ಬಾಲಕರ ಪ್ರೌಢಶಾಲೆಯ ಕುಮಾರ ಕುಶಾಲ ಎನ್. ಗೋಕಾವಿ ತನ್ನ ಎಸ್.ಎಸ್.ಎಲ್.ಸಿ. ಪರೀಕ್ಷಾ ಫಲಿತಾಂಶವನ್ನು ಕುರಿತು ಮಾತನಾಡುತ್ತಾ ಸತತ ಅಧ್ಯಯನವೇ ಯಶಸ್ಸಿನ ಗುಟ್ಟು ಎಂದನು.

ನಮಗೆಲ್ಲ ಪ್ರೇರಣೆಯಾಗಿರುವ ನಾಲ್ಕು ಸಾಧಕರಿಗೆ ವಿದ್ಯಾದಾನ ಸಮಿತಿಯ ಅಭಿಮಾನ ಪೂರ್ವಕ ಅಭಿನಂದನೀಯ ಸನ್ಮಾನವನ್ನು ಮಾಡುವ ಮೂಲಕ ವಿದ್ಯಾದಾನ ಸಮಿತಿಯ ಕ್ರಿಯಾಶೀಲ ಕಾರ್ಯದರ್ಶಿಗಳಾದ ಶ್ರೀನಿವಾಸ ಬಿ. ಹುಯಿಲಗೋಳರವರು ತಮ್ಮ ಅಧ್ಯಕ್ಷೀಯ

ನುಡಿಯಲ್ಲಿ ತಮ್ಮ ಯಶಸ್ಸಿನ ಗುಟ್ಟನ್ನು ನಮ್ಮೆಲ್ಲರ ಮುಂದೆ ಬಿಚ್ಚಿಟ್ಟಿರುವ ಈ ನಾಲ್ಕು ಮುತ್ತುಗಳು ನಮಗೆಲ್ಲ ಪ್ರೇರಣಾದಾಯಕವಾಗಿದ್ದು ನಿಮಗೆಲ್ಲ ಮಾದರಿಯಾಗಿರುವರು ಇವರನ್ನು ಮೀರಿಸಿ ನೀವೆಲ್ಲ ಪ್ರಯತ್ನಪೂರಕವಾಗಿ ಎಸ್.ಎಸ್.ಎಲ್.ಸಿ. ವಾರ್ಷಿಕ ಪರೀಕ್ಷೆಯಲ್ಲಿ ರಾಜ್ಯಕ್ಕೆ ಪ್ರಥಮ ಬರುವ ಘನ ಸಂಕಲ್ಪವನ್ನು ಮಾಡಬೇಕು ಎಂದರು.

ವ್ಯಕ್ತಿತ್ವ ವಿಕಸನದ ಕುರಿತು ಹೆಸ್ಕಾಂನ ನಿವೃತ್ತ ಅಧಿಕಾರಿ ಶ್ರೀ ಶಬ್ಬಿರ ಮುಲ್ಲಾರವರು ಎಸ್.ಎಸ್.ಎಲ್.ಸಿ. ನಂತರ ಮುಂದೇನು ಎಂಬ ಪ್ರಶ್ನೆಗೆ ಸಮರ್ಪಕ ವಿವರ ನೀಡಿದರು.

ಉನ್ನತ ಯಶಸ್ಸನ್ನು ಪಡೆದ ವಿದ್ಯಾರ್ಥಿ, ವಿದ್ಯಾರ್ಥಿನಿಯರೊಂದಿಗೆ ವಿದ್ಯಾದಾನ ಸಮಿತಿಯ ವಿದ್ಯಾರ್ಥಿ ವಿದ್ಯಾರ್ಥಿನಿಯರು ತಮ್ಮಲ್ಲಿನ ಅನೇಕ ಸಂಶಯ, ಕಠಿಣತೆ, ಮುಂತಾದ ಪ್ರಶ್ನೆಗಳನ್ನು ಕೇಳಿ ಉತ್ತರ ಪಡೆದರು. ಕಾರ್ಯಕ್ರಮ ಪ್ರಾರಂಭವಾಯಿತು. ಕಾರ್ಯಕ್ರಮವನ್ನು ಎಂ.ಎ. ವಡವಿಯವರು ನಿರೂಪಿಸಿದರೆ ಗಣ್ಯರನ್ನು ಆರ್.ಆರ್. ಜಾಲಿಹಾಳರವರು ಸ್ವಾಗತಿಸಿದರು ಗಣ್ಯರನ್ನು ಶಿಕ್ಷಕಿ ಎಸ್.ಎಸ್. ಮರಡ್ಡಿ ಪರಿಚಯಿಸಿದರು. ಕೊನೆಯಲ್ಲಿ ಎಸ್.ಬಿ. ಬಂಡಿಯವರು ವಂದಿಸಿದರು.
